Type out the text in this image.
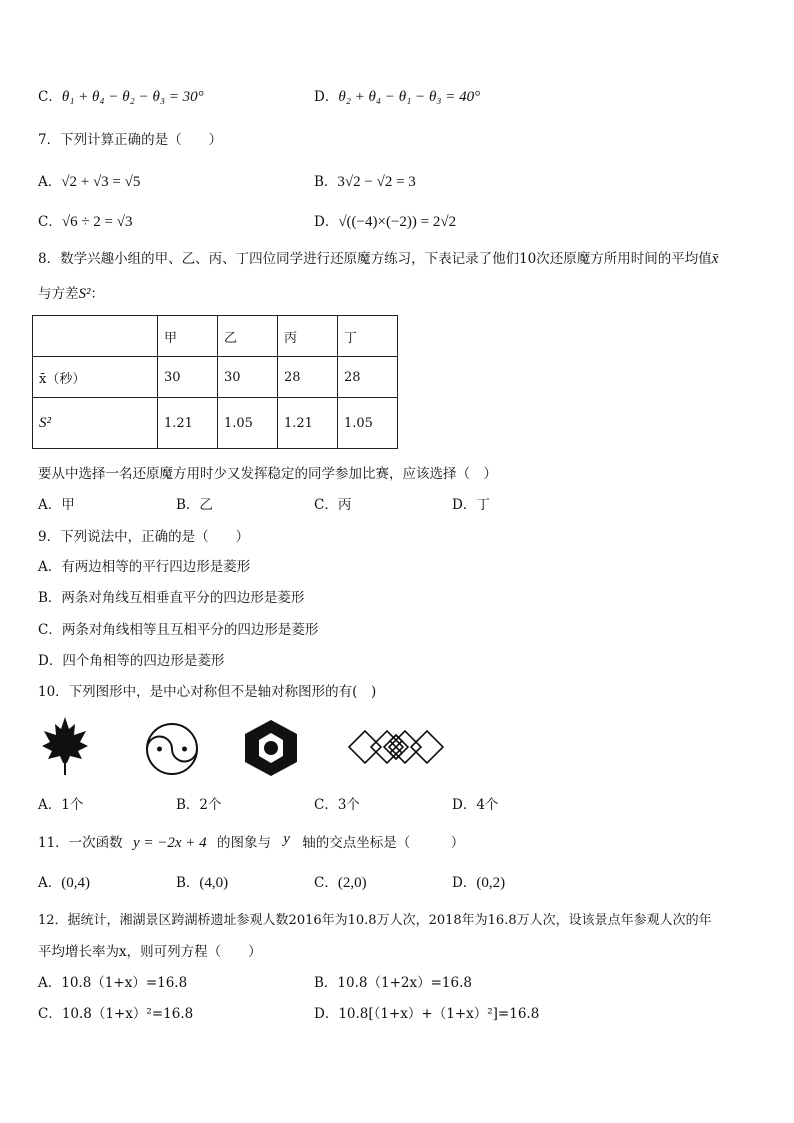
C．θ₁ + θ₄ − θ₂ − θ₃ = 30°	D．θ₂ + θ₄ − θ₁ − θ₃ = 40°
7．下列计算正确的是（　　）
A．√2 + √3 = √5	B．3√2 − √2 = 3
C．√6 ÷ 2 = √3	D．√((−4)×(−2)) = 2√2
8．数学兴趣小组的甲、乙、丙、丁四位同学进行还原魔方练习，下表记录了他们10次还原魔方所用时间的平均值x̄
与方差S²：
	甲	乙	丙	丁
x̄（秒）	30	30	28	28
S²	1.21	1.05	1.21	1.05
要从中选择一名还原魔方用时少又发挥稳定的同学参加比赛，应该选择（　）
A．甲	B．乙	C．丙	D．丁
9．下列说法中，正确的是（　　）
A．有两边相等的平行四边形是菱形
B．两条对角线互相垂直平分的四边形是菱形
C．两条对角线相等且互相平分的四边形是菱形
D．四个角相等的四边形是菱形
10．下列图形中，是中心对称但不是轴对称图形的有(　)
A．1个	B．2个	C．3个	D．4个
11．一次函数 y = −2x + 4 的图象与 y 轴的交点坐标是（　　　）
A．(0,4)	B．(4,0)	C．(2,0)	D．(0,2)
12．据统计，湘湖景区跨湖桥遗址参观人数2016年为10.8万人次，2018年为16.8万人次，设该景点年参观人次的年
平均增长率为x，则可列方程（　　）
A．10.8（1+x）=16.8	B．10.8（1+2x）=16.8
C．10.8（1+x）²=16.8	D．10.8[（1+x）+（1+x）²]=16.8
